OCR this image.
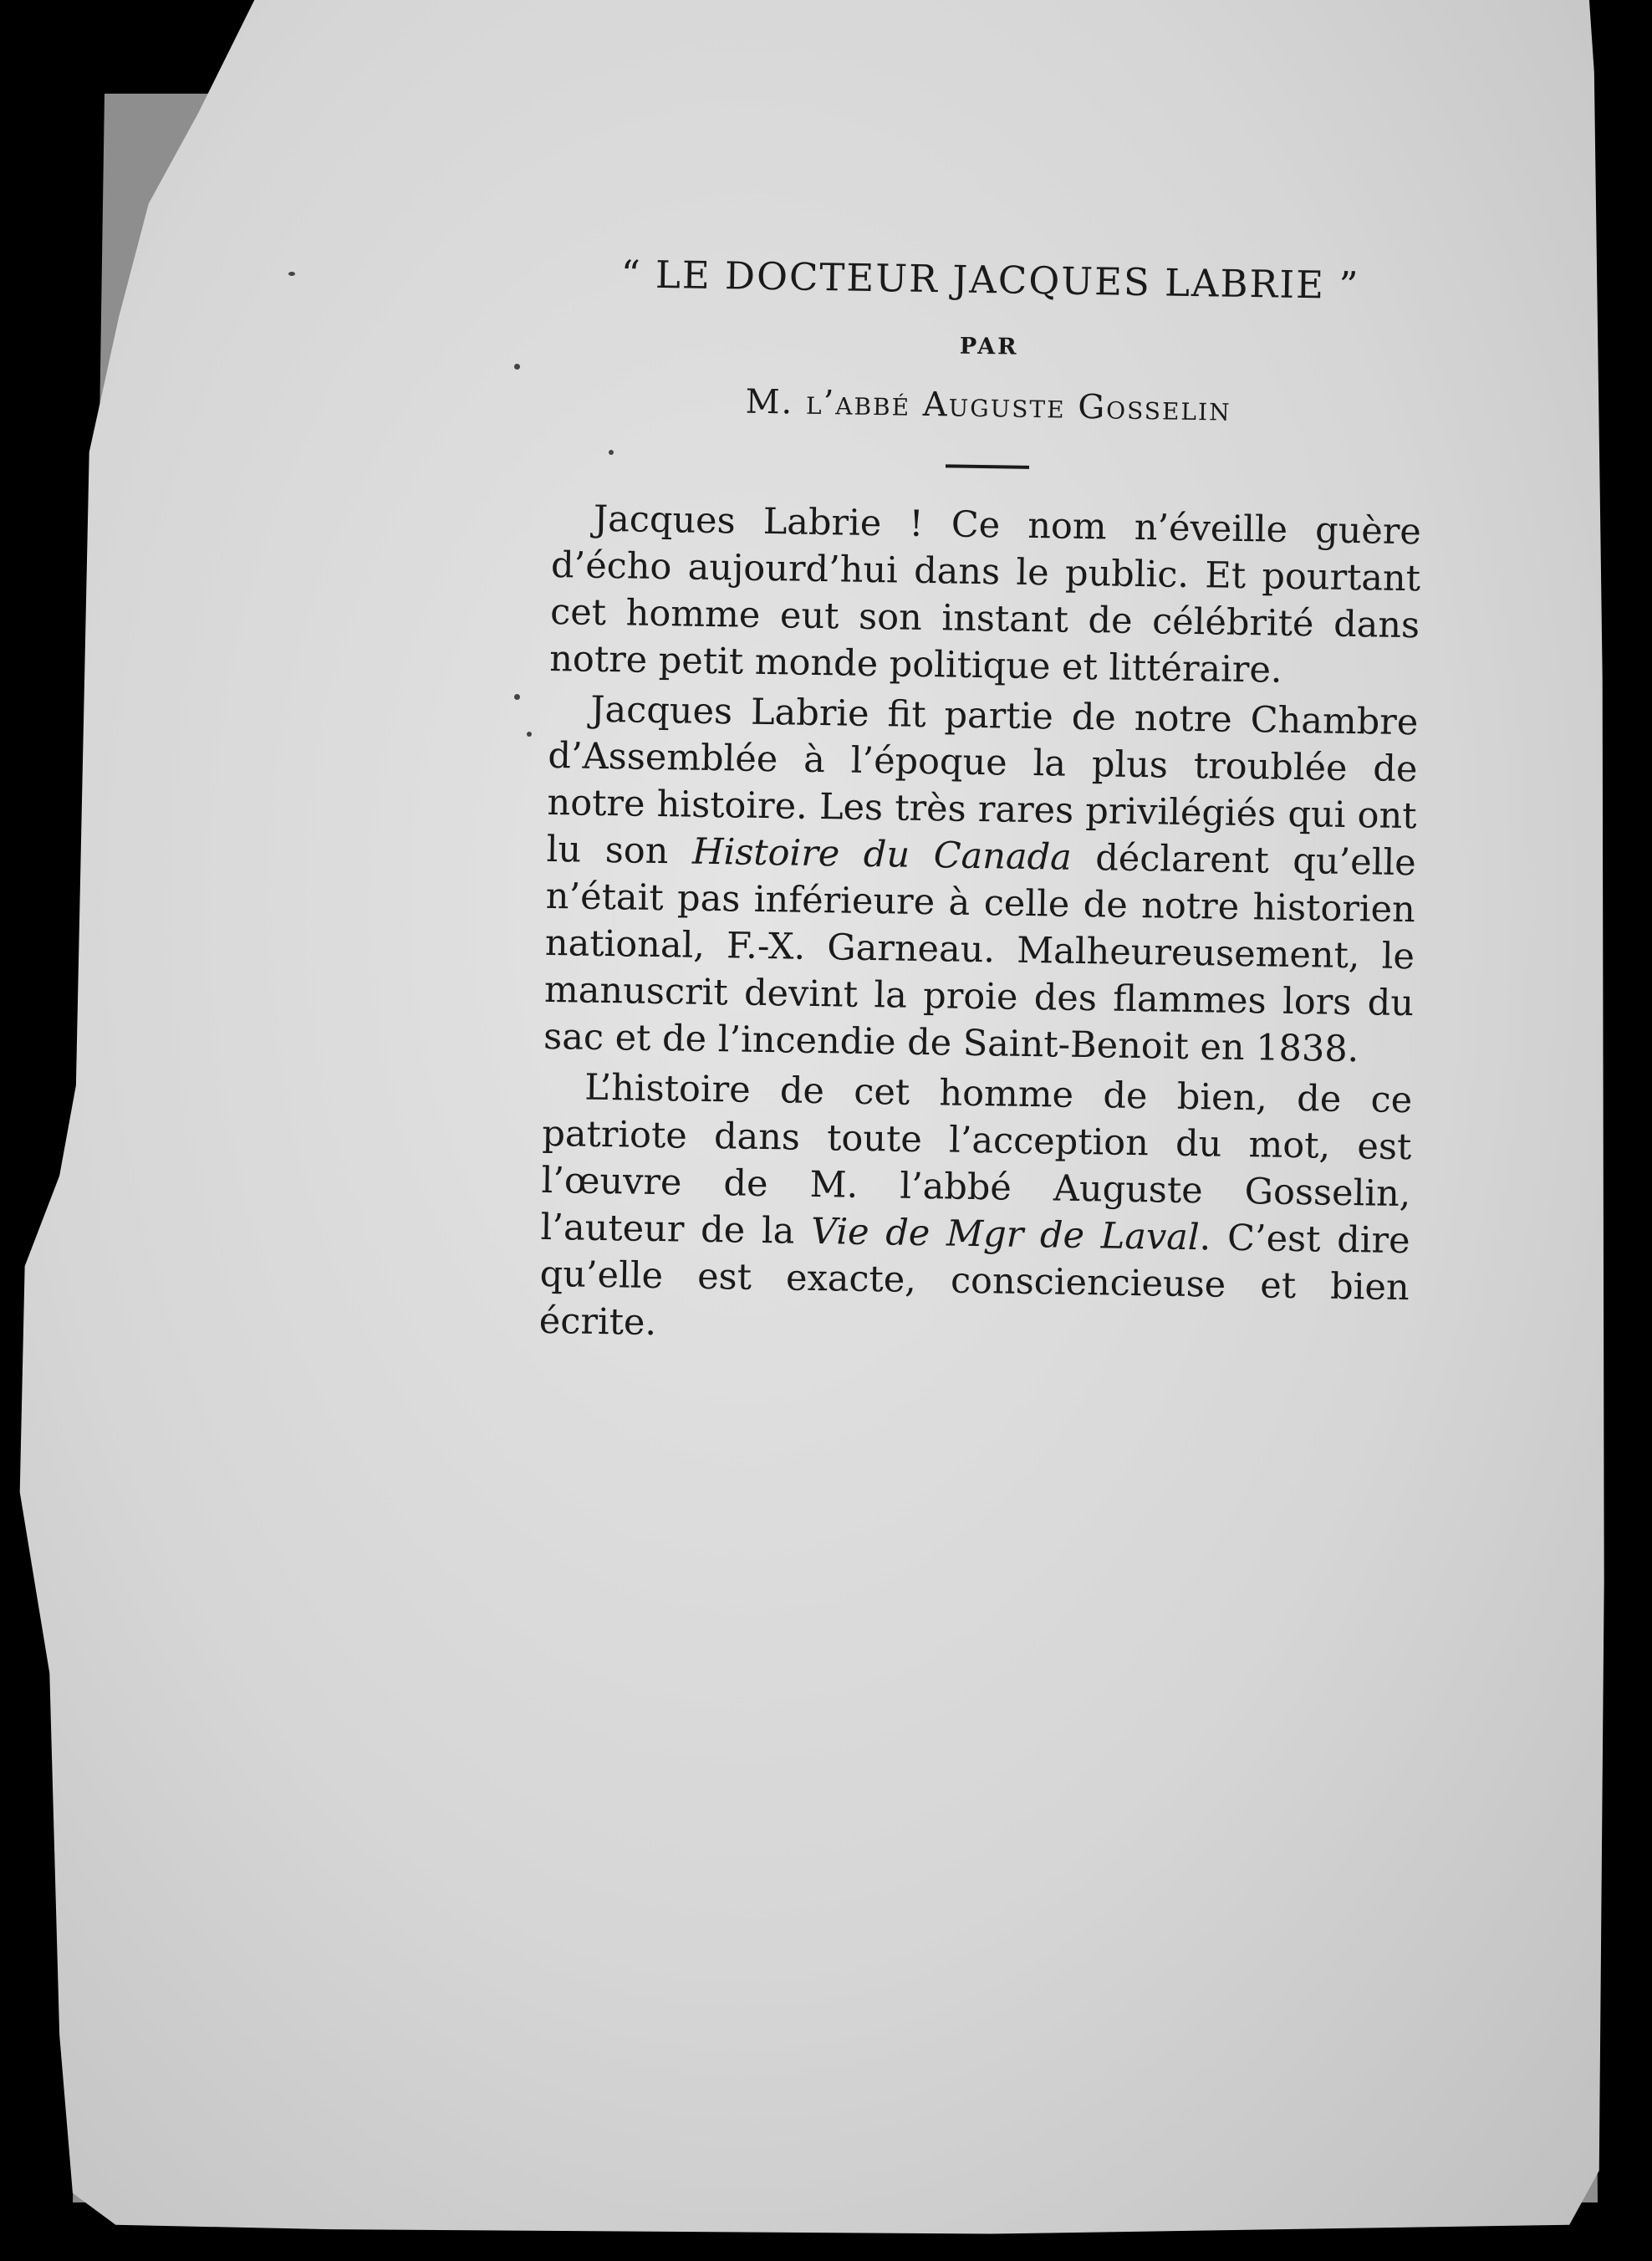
“ LE DOCTEUR JACQUES LABRIE ”
PAR
M. l’abbé Auguste Gosselin

Jacques Labrie ! Ce nom n’éveille guère d’écho aujourd’hui dans le public. Et pourtant cet homme eut son instant de célébrité dans notre petit monde politique et littéraire.

Jacques Labrie fit partie de notre Chambre d’Assemblée à l’époque la plus troublée de notre histoire. Les très rares privilégiés qui ont lu son Histoire du Canada déclarent qu’elle n’était pas inférieure à celle de notre historien national, F.-X. Garneau. Malheureusement, le manuscrit devint la proie des flammes lors du sac et de l’incendie de Saint-Benoit en 1838.

L’histoire de cet homme de bien, de ce patriote dans toute l’acception du mot, est l’œuvre de M. l’abbé Auguste Gosselin, l’auteur de la Vie de Mgr de Laval. C’est dire qu’elle est exacte, consciencieuse et bien écrite.
